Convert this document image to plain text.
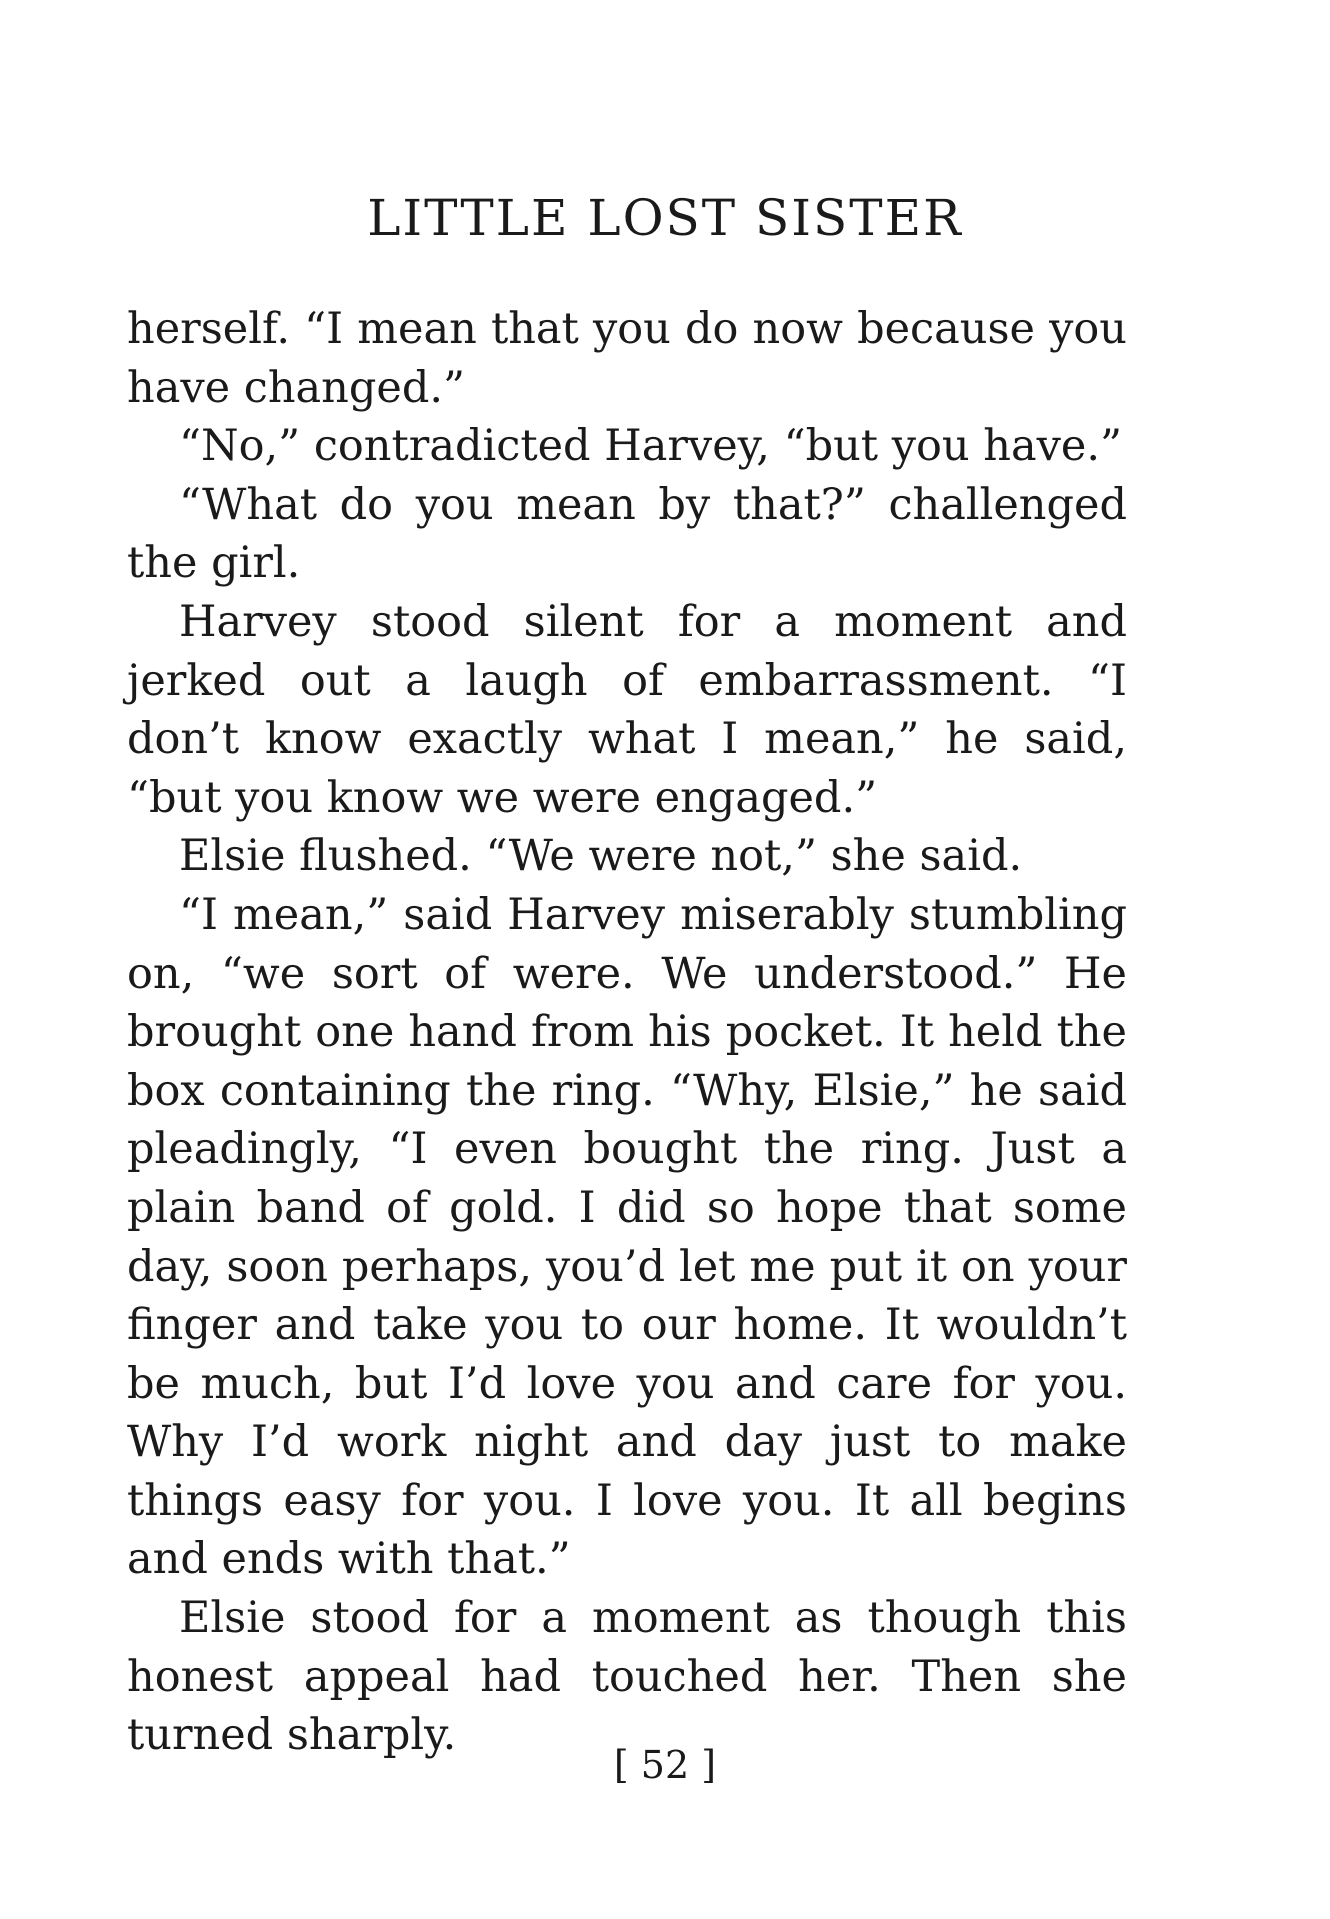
LITTLE LOST SISTER

herself. “I mean that you do now because you have changed.”

“No,” contradicted Harvey, “but you have.”

“What do you mean by that?” challenged the girl.

Harvey stood silent for a moment and jerked out a laugh of embarrassment. “I don’t know exactly what I mean,” he said, “but you know we were engaged.”

Elsie flushed. “We were not,” she said.

“I mean,” said Harvey miserably stumbling on, “we sort of were. We understood.” He brought one hand from his pocket. It held the box containing the ring. “Why, Elsie,” he said pleadingly, “I even bought the ring. Just a plain band of gold. I did so hope that some day, soon perhaps, you’d let me put it on your finger and take you to our home. It wouldn’t be much, but I’d love you and care for you. Why I’d work night and day just to make things easy for you. I love you. It all begins and ends with that.”

Elsie stood for a moment as though this honest appeal had touched her. Then she turned sharply.

[ 52 ]
